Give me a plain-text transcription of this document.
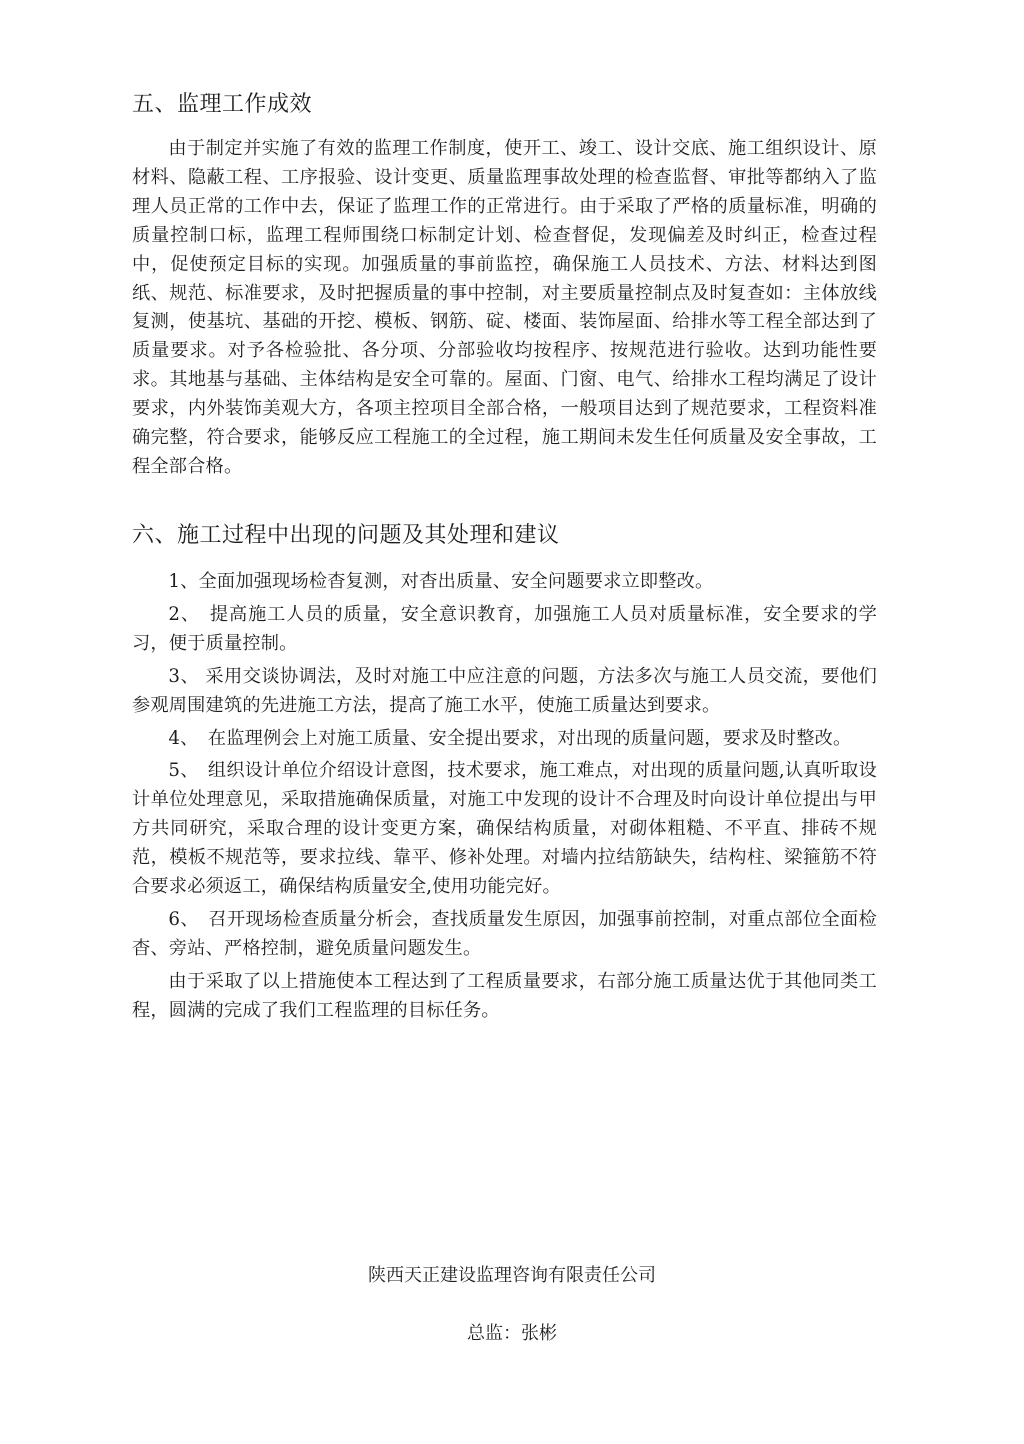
五、监理工作成效

由于制定并实施了有效的监理工作制度，使开工、竣工、设计交底、施工组织设计、原材料、隐蔽工程、工序报验、设计变更、质量监理事故处理的检查监督、审批等都纳入了监理人员正常的工作中去，保证了监理工作的正常进行。由于采取了严格的质量标准，明确的质量控制口标，监理工程师围绕口标制定计划、检查督促，发现偏差及时纠正，检查过程中，促使预定目标的实现。加强质量的事前监控，确保施工人员技术、方法、材料达到图纸、规范、标准要求，及时把握质量的事中控制，对主要质量控制点及时复查如：主体放线复测，使基坑、基础的开挖、模板、钢筋、碇、楼面、装饰屋面、给排水等工程全部达到了质量要求。对予各检验批、各分项、分部验收均按程序、按规范进行验收。达到功能性要求。其地基与基础、主体结构是安全可靠的。屋面、门窗、电气、给排水工程均满足了设计要求，内外装饰美观大方，各项主控项目全部合格，一般项目达到了规范要求，工程资料准确完整，符合要求，能够反应工程施工的全过程，施工期间未发生任何质量及安全事故，工程全部合格。

六、施工过程中出现的问题及其处理和建议

1、全面加强现场检杳复测，对杳出质量、安全问题要求立即整改。

2、　提高施工人员的质量，安全意识教育，加强施工人员对质量标准，安全要求的学习，便于质量控制。

3、 采用交谈协调法，及时对施工中应注意的问题，方法多次与施工人员交流，要他们参观周围建筑的先进施工方法，提高了施工水平，使施工质量达到要求。

4、　在监理例会上对施工质量、安全提出要求，对出现的质量问题，要求及时整改。

5、　组织设计单位介绍设计意图，技术要求，施工难点，对出现的质量问题,认真听取设计单位处理意见，采取措施确保质量，对施工中发现的设计不合理及时向设计单位提出与甲方共同研究，采取合理的设计变更方案，确保结构质量，对砌体粗糙、不平直、排砖不规范，模板不规范等，要求拉线、靠平、修补处理。对墙内拉结筋缺失，结构柱、梁箍筋不符合要求必须返工，确保结构质量安全,使用功能完好。

6、　召开现场检查质量分析会，查找质量发生原因，加强事前控制，对重点部位全面检杳、旁站、严格控制，避免质量问题发生。

由于采取了以上措施使本工程达到了工程质量要求，右部分施工质量达优于其他同类工程，圆满的完成了我们工程监理的目标任务。

陕西天正建设监理咨询有限责任公司
总监：张彬
